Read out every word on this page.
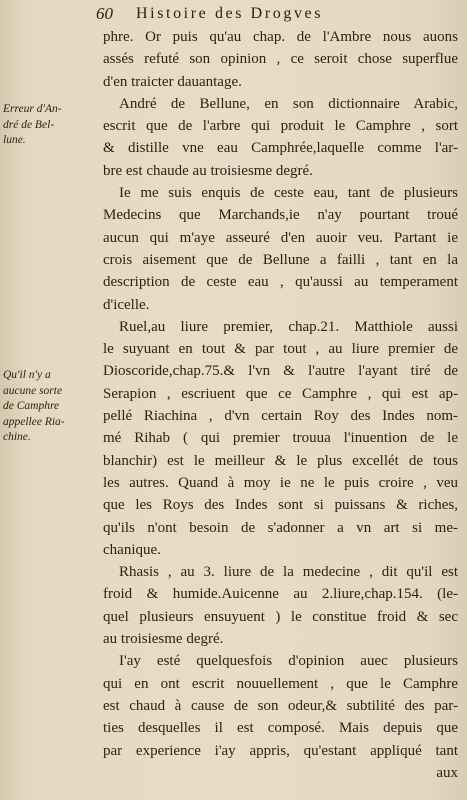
60 Histoire des Drogves
Erreur d'An-
dré de Bel-
lune.
Qu'il n'y a
aucune sorte
de Camphre
appellee Ria-
chine.
phre. Or puis qu'au chap. de l'Ambre nous auons
assés refuté son opinion , ce seroit chose superflue
d'en traicter dauantage.
André de Bellune, en son dictionnaire Arabic,
escrit que de l'arbre qui produit le Camphre , sort
& distille vne eau Camphrée,laquelle comme l'ar-
bre est chaude au troisiesme degré.
Ie me suis enquis de ceste eau, tant de plusieurs
Medecins que Marchands,ie n'ay pourtant troué
aucun qui m'aye asseuré d'en auoir veu. Partant ie
crois aisement que de Bellune a failli , tant en la
description de ceste eau , qu'aussi au temperament
d'icelle.
Ruel,au liure premier, chap.21. Matthiole aussi
le suyuant en tout & par tout , au liure premier de
Dioscoride,chap.75.& l'vn & l'autre l'ayant tiré de
Serapion , escriuent que ce Camphre , qui est ap-
pellé Riachina , d'vn certain Roy des Indes nom-
mé Rihab ( qui premier trouua l'inuention de le
blanchir) est le meilleur & le plus excellét de tous
les autres. Quand à moy ie ne le puis croire , veu
que les Roys des Indes sont si puissans & riches,
qu'ils n'ont besoin de s'adonner a vn art si me-
chanique.
Rhasis , au 3. liure de la medecine , dit qu'il est
froid & humide.Auicenne au 2.liure,chap.154. (le-
quel plusieurs ensuyuent ) le constitue froid & sec
au troisiesme degré.
I'ay esté quelquesfois d'opinion auec plusieurs
qui en ont escrit nouuellement , que le Camphre
est chaud à cause de son odeur,& subtilité des par-
ties desquelles il est composé. Mais depuis que
par experience i'ay appris, qu'estant appliqué tant
aux
